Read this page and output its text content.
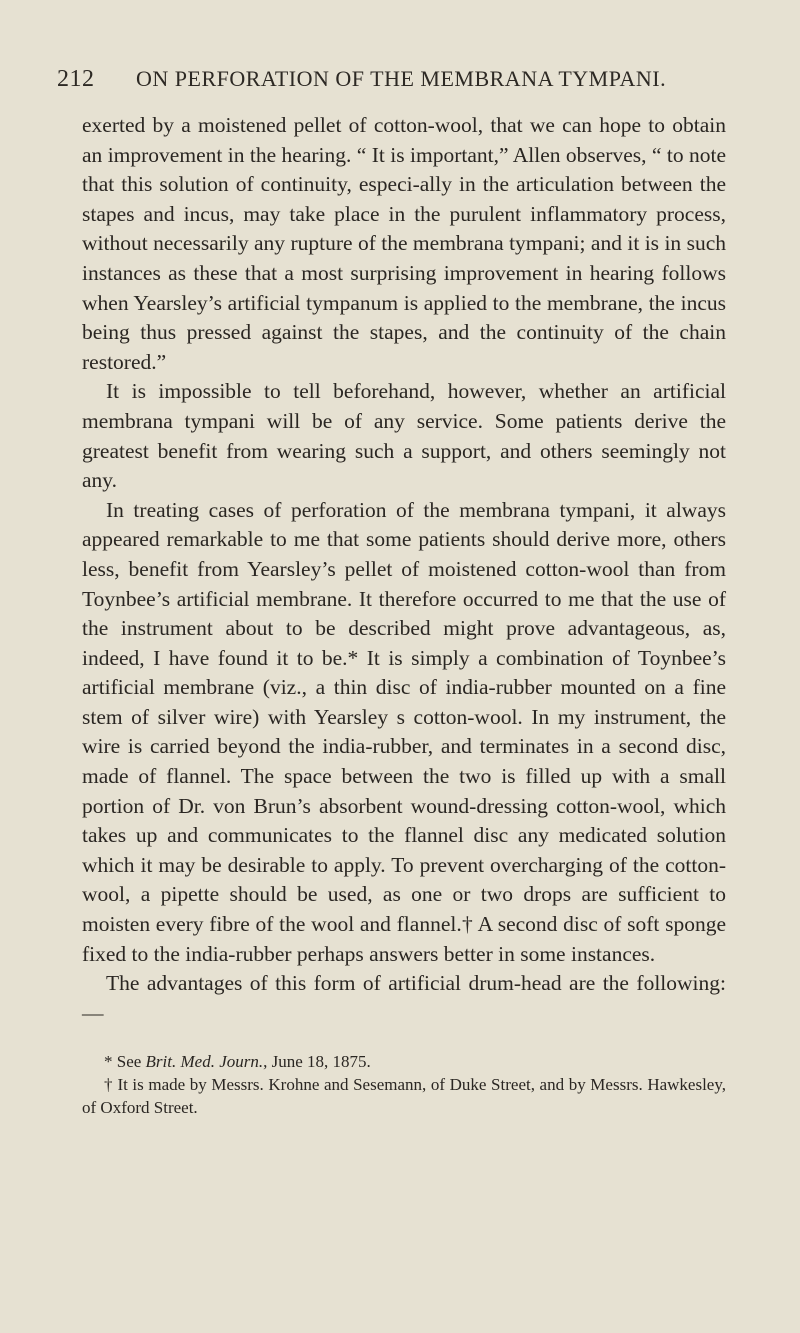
212 ON PERFORATION OF THE MEMBRANA TYMPANI.

exerted by a moistened pellet of cotton-wool, that we can hope to obtain an improvement in the hearing. “ It is important,” Allen observes, “ to note that this solution of continuity, especi-ally in the articulation between the stapes and incus, may take place in the purulent inflammatory process, without necessarily any rupture of the membrana tympani; and it is in such instances as these that a most surprising improvement in hearing follows when Yearsley’s artificial tympanum is applied to the membrane, the incus being thus pressed against the stapes, and the continuity of the chain restored.”

It is impossible to tell beforehand, however, whether an artificial membrana tympani will be of any service. Some patients derive the greatest benefit from wearing such a support, and others seemingly not any.

In treating cases of perforation of the membrana tympani, it always appeared remarkable to me that some patients should derive more, others less, benefit from Yearsley’s pellet of moistened cotton-wool than from Toynbee’s artificial membrane. It therefore occurred to me that the use of the instrument about to be described might prove advantageous, as, indeed, I have found it to be.* It is simply a combination of Toynbee’s artificial membrane (viz., a thin disc of india-rubber mounted on a fine stem of silver wire) with Yearsley s cotton-wool. In my instrument, the wire is carried beyond the india-rubber, and terminates in a second disc, made of flannel. The space between the two is filled up with a small portion of Dr. von Brun’s absorbent wound-dressing cotton-wool, which takes up and communicates to the flannel disc any medicated solution which it may be desirable to apply. To prevent overcharging of the cotton-wool, a pipette should be used, as one or two drops are sufficient to moisten every fibre of the wool and flannel.† A second disc of soft sponge fixed to the india-rubber perhaps answers better in some instances.

The advantages of this form of artificial drum-head are the following:—

* See Brit. Med. Journ., June 18, 1875.

† It is made by Messrs. Krohne and Sesemann, of Duke Street, and by Messrs. Hawkesley, of Oxford Street.
